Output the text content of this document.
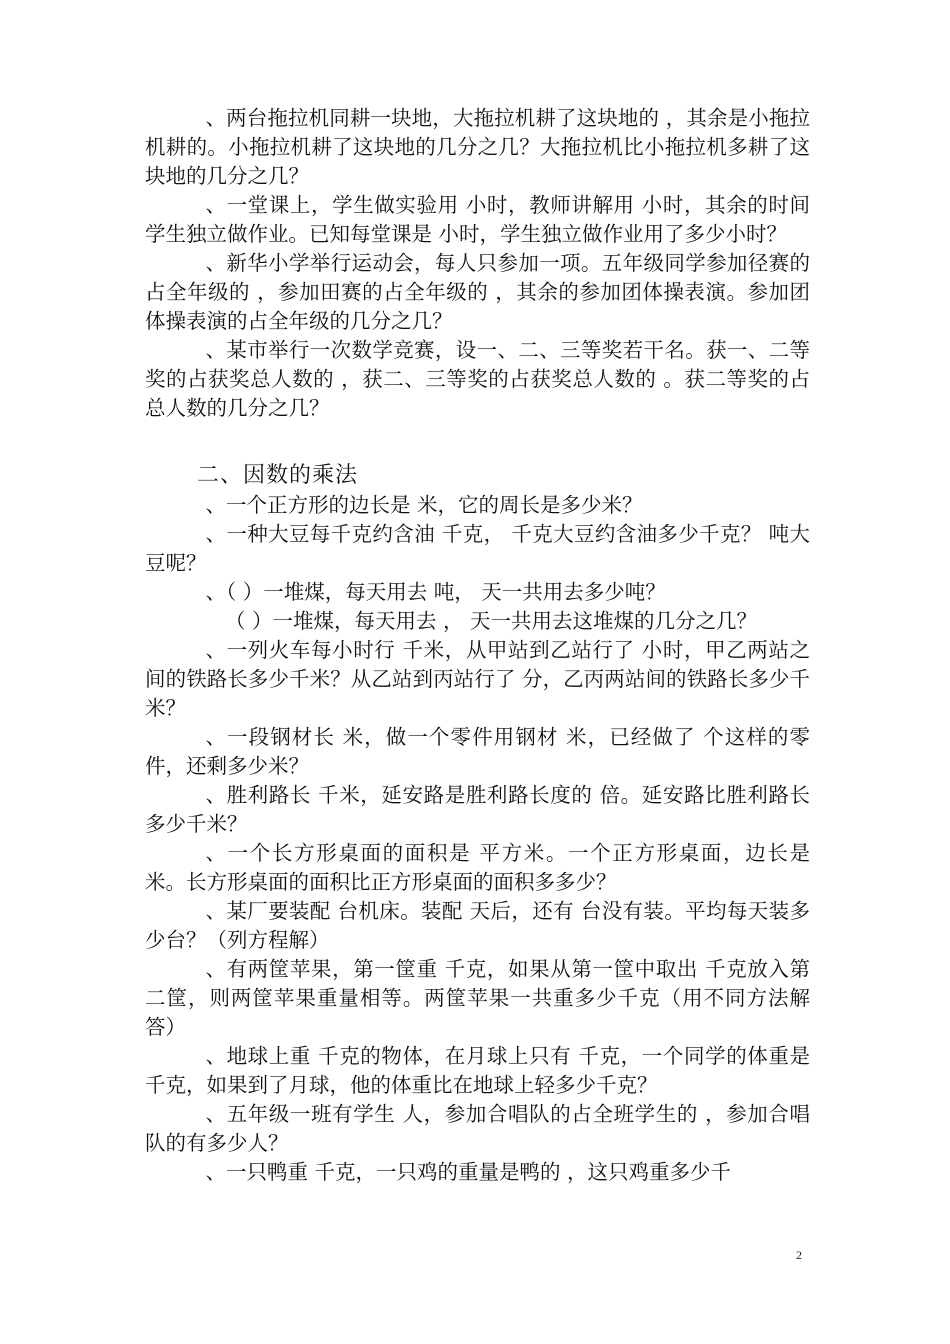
、两台拖拉机同耕一块地，大拖拉机耕了这块地的 ，其余是小拖拉机耕的。小拖拉机耕了这块地的几分之几？大拖拉机比小拖拉机多耕了这块地的几分之几？

、一堂课上，学生做实验用 小时，教师讲解用 小时，其余的时间学生独立做作业。已知每堂课是 小时，学生独立做作业用了多少小时？

、新华小学举行运动会，每人只参加一项。五年级同学参加径赛的占全年级的 ，参加田赛的占全年级的 ，其余的参加团体操表演。参加团体操表演的占全年级的几分之几？

、某市举行一次数学竞赛，设一、二、三等奖若干名。获一、二等奖的占获奖总人数的 ，获二、三等奖的占获奖总人数的 。获二等奖的占总人数的几分之几？

二、因数的乘法

、一个正方形的边长是 米，它的周长是多少米？

、一种大豆每千克约含油 千克， 千克大豆约含油多少千克？ 吨大豆呢？

、（ ）一堆煤，每天用去 吨， 天一共用去多少吨？

（ ）一堆煤，每天用去 ， 天一共用去这堆煤的几分之几？

、一列火车每小时行 千米，从甲站到乙站行了 小时，甲乙两站之间的铁路长多少千米？从乙站到丙站行了 分，乙丙两站间的铁路长多少千米？

、一段钢材长 米，做一个零件用钢材 米，已经做了 个这样的零件，还剩多少米？

、胜利路长 千米，延安路是胜利路长度的 倍。延安路比胜利路长多少千米？

、一个长方形桌面的面积是 平方米。一个正方形桌面，边长是 米。长方形桌面的面积比正方形桌面的面积多多少？

、某厂要装配 台机床。装配 天后，还有 台没有装。平均每天装多少台？（列方程解）

、有两筐苹果，第一筐重 千克，如果从第一筐中取出 千克放入第二筐，则两筐苹果重量相等。两筐苹果一共重多少千克（用不同方法解答）

、地球上重 千克的物体，在月球上只有 千克，一个同学的体重是 千克，如果到了月球，他的体重比在地球上轻多少千克？

、五年级一班有学生 人，参加合唱队的占全班学生的 ，参加合唱队的有多少人？

、一只鸭重 千克，一只鸡的重量是鸭的 ，这只鸡重多少千

2
